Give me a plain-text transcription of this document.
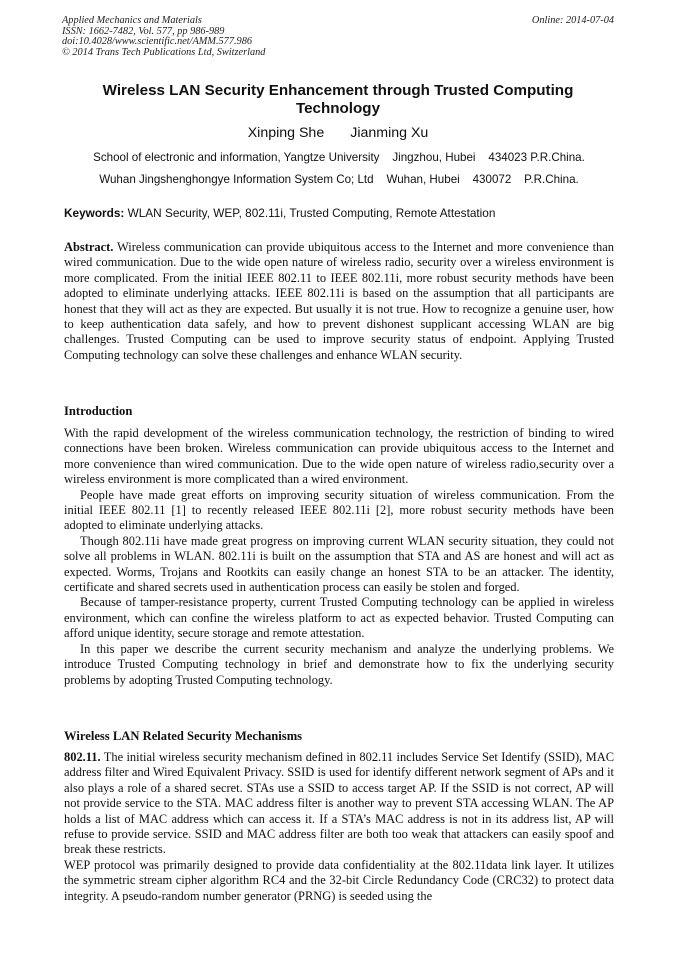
Applied Mechanics and Materials
ISSN: 1662-7482, Vol. 577, pp 986-989
doi:10.4028/www.scientific.net/AMM.577.986
© 2014 Trans Tech Publications Ltd, Switzerland
Online: 2014-07-04
Wireless LAN Security Enhancement through Trusted Computing Technology
Xinping She Jianming Xu
School of electronic and information, Yangtze University    Jingzhou, Hubei    434023 P.R.China.
Wuhan Jingshenghongye Information System Co; Ltd    Wuhan, Hubei    430072    P.R.China.
Keywords: WLAN Security, WEP, 802.11i, Trusted Computing, Remote Attestation

Abstract. Wireless communication can provide ubiquitous access to the Internet and more convenience than wired communication. Due to the wide open nature of wireless radio, security over a wireless environment is more complicated. From the initial IEEE 802.11 to IEEE 802.11i, more robust security methods have been adopted to eliminate underlying attacks. IEEE 802.11i is based on the assumption that all participants are honest that they will act as they are expected. But usually it is not true. How to recognize a genuine user, how to keep authentication data safely, and how to prevent dishonest supplicant accessing WLAN are big challenges. Trusted Computing can be used to improve security status of endpoint. Applying Trusted Computing technology can solve these challenges and enhance WLAN security.

Introduction

With the rapid development of the wireless communication technology, the restriction of binding to wired connections have been broken. Wireless communication can provide ubiquitous access to the Internet and more convenience than wired communication. Due to the wide open nature of wireless radio,security over a wireless environment is more complicated than a wired environment.

People have made great efforts on improving security situation of wireless communication. From the initial IEEE 802.11 [1] to recently released IEEE 802.11i [2], more robust security methods have been adopted to eliminate underlying attacks.

Though 802.11i have made great progress on improving current WLAN security situation, they could not solve all problems in WLAN. 802.11i is built on the assumption that STA and AS are honest and will act as expected. Worms, Trojans and Rootkits can easily change an honest STA to be an attacker. The identity, certificate and shared secrets used in authentication process can easily be stolen and forged.

Because of tamper-resistance property, current Trusted Computing technology can be applied in wireless environment, which can confine the wireless platform to act as expected behavior. Trusted Computing can afford unique identity, secure storage and remote attestation.

In this paper we describe the current security mechanism and analyze the underlying problems. We introduce Trusted Computing technology in brief and demonstrate how to fix the underlying security problems by adopting Trusted Computing technology.

Wireless LAN Related Security Mechanisms

802.11. The initial wireless security mechanism defined in 802.11 includes Service Set Identify (SSID), MAC address filter and Wired Equivalent Privacy. SSID is used for identify different network segment of APs and it also plays a role of a shared secret. STAs use a SSID to access target AP. If the SSID is not correct, AP will not provide service to the STA. MAC address filter is another way to prevent STA accessing WLAN. The AP holds a list of MAC address which can access it. If a STA’s MAC address is not in its address list, AP will refuse to provide service. SSID and MAC address filter are both too weak that attackers can easily spoof and break these restricts.

WEP protocol was primarily designed to provide data confidentiality at the 802.11data link layer. It utilizes the symmetric stream cipher algorithm RC4 and the 32-bit Circle Redundancy Code (CRC32) to protect data integrity. A pseudo-random number generator (PRNG) is seeded using the
